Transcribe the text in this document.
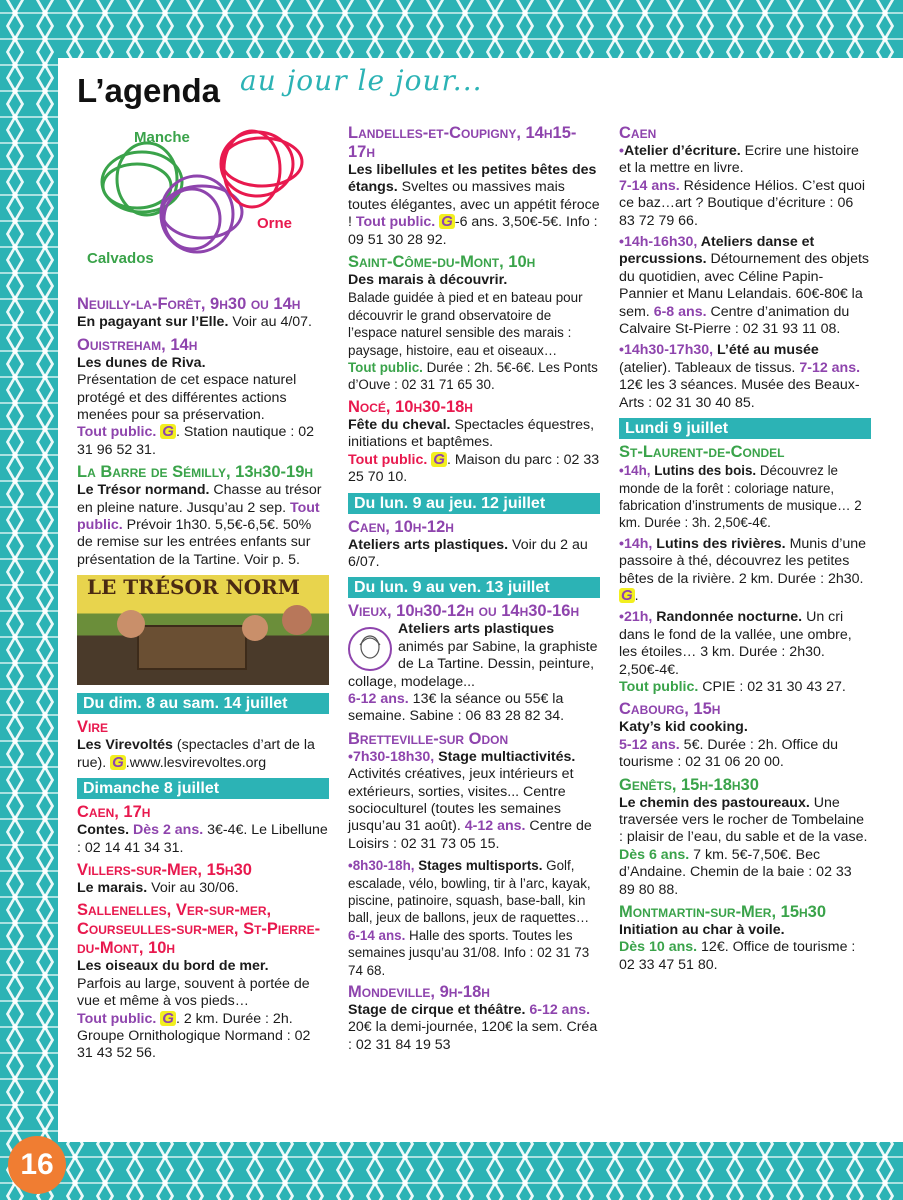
L’agenda au jour le jour...
Manche
Orne
Calvados
Neuilly-la-Forêt, 9h30 ou 14h
En pagayant sur l’Elle. Voir au 4/07.
Ouistreham, 14h
Les dunes de Riva.
Présentation de cet espace naturel protégé et des différentes actions menées pour sa préservation.
Tout public. G . Station nautique : 02 31 96 52 31.
La Barre de Sémilly, 13h30-19h
Le Trésor normand. Chasse au trésor en pleine nature. Jusqu’au 2 sep. Tout public. Prévoir 1h30. 5,5€-6,5€. 50% de remise sur les entrées enfants sur présentation de la Tartine. Voir p. 5.
LE TRÉSOR NORM
Du dim. 8 au sam. 14 juillet
Vire
Les Virevoltés (spectacles d’art de la rue). G .www.lesvirevoltes.org
Dimanche 8 juillet
Caen, 17h
Contes. Dès 2 ans. 3€-4€. Le Libellune : 02 14 41 34 31.
Villers-sur-Mer, 15h30
Le marais. Voir au 30/06.
Sallenelles, Ver-sur-mer, Courseulles-sur-mer, St-Pierre-du-Mont, 10h
Les oiseaux du bord de mer.
Parfois au large, souvent à portée de vue et même à vos pieds…
Tout public. G . 2 km. Durée : 2h. Groupe Ornithologique Normand : 02 31 43 52 56.
Landelles-et-Coupigny, 14h15-17h
Les libellules et les petites bêtes des étangs. Sveltes ou massives mais toutes élégantes, avec un appétit féroce ! Tout public. G -6 ans. 3,50€-5€. Info : 09 51 30 28 92.
Saint-Côme-du-Mont, 10h
Des marais à découvrir.
Balade guidée à pied et en bateau pour découvrir le grand observatoire de l’espace naturel sensible des marais : paysage, histoire, eau et oiseaux…
Tout public. Durée : 2h. 5€-6€. Les Ponts d’Ouve : 02 31 71 65 30.
Nocé, 10h30-18h
Fête du cheval. Spectacles équestres, initiations et baptêmes.
Tout public. G . Maison du parc : 02 33 25 70 10.
Du lun. 9 au jeu. 12 juillet
Caen, 10h-12h
Ateliers arts plastiques. Voir du 2 au 6/07.
Du lun. 9 au ven. 13 juillet
Vieux, 10h30-12h ou 14h30-16h
Ateliers arts plastiques animés par Sabine, la graphiste de La Tartine. Dessin, peinture, collage, modelage...
6-12 ans. 13€ la séance ou 55€ la semaine. Sabine : 06 83 28 82 34.
Bretteville-sur Odon
•7h30-18h30, Stage multiactivités. Activités créatives, jeux intérieurs et extérieurs, sorties, visites... Centre socioculturel (toutes les semaines jusqu’au 31 août). 4-12 ans. Centre de Loisirs : 02 31 73 05 15.
•8h30-18h, Stages multisports. Golf, escalade, vélo, bowling, tir à l’arc, kayak, piscine, patinoire, squash, base-ball, kin ball, jeux de ballons, jeux de raquettes… 6-14 ans. Halle des sports. Toutes les semaines jusqu’au 31/08. Info : 02 31 73 74 68.
Mondeville, 9h-18h
Stage de cirque et théâtre. 6-12 ans. 20€ la demi-journée, 120€ la sem. Créa : 02 31 84 19 53
Caen
•Atelier d’écriture. Ecrire une histoire et la mettre en livre.
7-14 ans. Résidence Hélios. C’est quoi ce baz…art ? Boutique d’écriture : 06 83 72 79 66.
•14h-16h30, Ateliers danse et percussions. Détournement des objets du quotidien, avec Céline Papin-Pannier et Manu Lelandais. 60€-80€ la sem. 6-8 ans. Centre d’animation du Calvaire St-Pierre : 02 31 93 11 08.
•14h30-17h30, L’été au musée (atelier). Tableaux de tissus. 7-12 ans. 12€ les 3 séances. Musée des Beaux-Arts : 02 31 30 40 85.
Lundi 9 juillet
St-Laurent-de-Condel
•14h, Lutins des bois. Découvrez le monde de la forêt : coloriage nature, fabrication d’instruments de musique… 2 km. Durée : 3h. 2,50€-4€.
•14h, Lutins des rivières. Munis d’une passoire à thé, découvrez les petites bêtes de la rivière. 2 km. Durée : 2h30. G .
•21h, Randonnée nocturne. Un cri dans le fond de la vallée, une ombre, les étoiles… 3 km. Durée : 2h30. 2,50€-4€.
Tout public. CPIE : 02 31 30 43 27.
Cabourg, 15h
Katy’s kid cooking.
5-12 ans. 5€. Durée : 2h. Office du tourisme : 02 31 06 20 00.
Genêts, 15h-18h30
Le chemin des pastoureaux. Une traversée vers le rocher de Tombelaine : plaisir de l’eau, du sable et de la vase.
Dès 6 ans. 7 km. 5€-7,50€. Bec d’Andaine. Chemin de la baie : 02 33 89 80 88.
Montmartin-sur-Mer, 15h30
Initiation au char à voile.
Dès 10 ans. 12€. Office de tourisme : 02 33 47 51 80.
16
